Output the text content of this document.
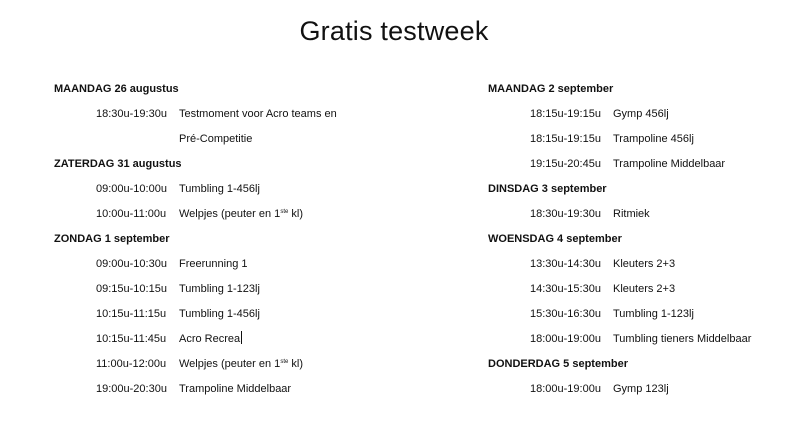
Gratis testweek
MAANDAG 26 augustus
18:30u-19:30u Testmoment voor Acro teams en
Pré-Competitie
ZATERDAG 31 augustus
09:00u-10:00u Tumbling 1-456lj
10:00u-11:00u Welpjes (peuter en 1ste kl)
ZONDAG 1 september
09:00u-10:30u Freerunning 1
09:15u-10:15u Tumbling 1-123lj
10:15u-11:15u Tumbling 1-456lj
10:15u-11:45u Acro Recrea
11:00u-12:00u Welpjes (peuter en 1ste kl)
19:00u-20:30u Trampoline Middelbaar
MAANDAG 2 september
18:15u-19:15u Gymp 456lj
18:15u-19:15u Trampoline 456lj
19:15u-20:45u Trampoline Middelbaar
DINSDAG 3 september
18:30u-19:30u Ritmiek
WOENSDAG 4 september
13:30u-14:30u Kleuters 2+3
14:30u-15:30u Kleuters 2+3
15:30u-16:30u Tumbling 1-123lj
18:00u-19:00u Tumbling tieners Middelbaar
DONDERDAG 5 september
18:00u-19:00u Gymp 123lj
